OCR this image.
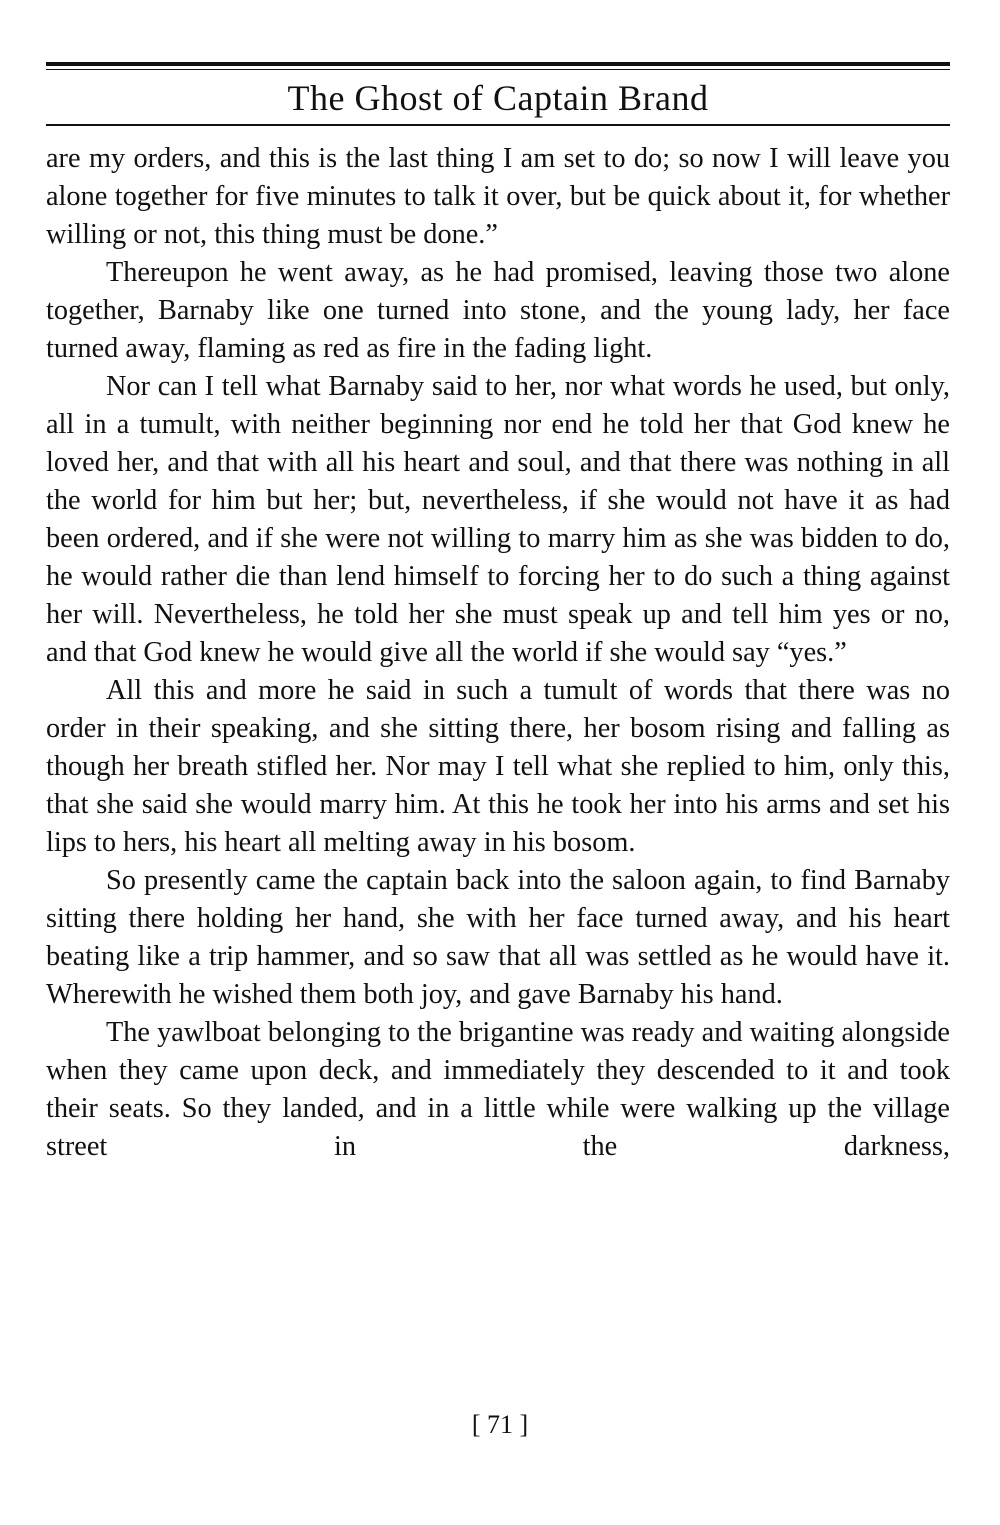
The Ghost of Captain Brand

are my orders, and this is the last thing I am set to do; so now I will leave you alone together for five minutes to talk it over, but be quick about it, for whether willing or not, this thing must be done.”

Thereupon he went away, as he had promised, leaving those two alone together, Barnaby like one turned into stone, and the young lady, her face turned away, flaming as red as fire in the fading light.

Nor can I tell what Barnaby said to her, nor what words he used, but only, all in a tumult, with neither beginning nor end he told her that God knew he loved her, and that with all his heart and soul, and that there was nothing in all the world for him but her; but, nevertheless, if she would not have it as had been ordered, and if she were not willing to marry him as she was bidden to do, he would rather die than lend himself to forcing her to do such a thing against her will. Nevertheless, he told her she must speak up and tell him yes or no, and that God knew he would give all the world if she would say “yes.”

All this and more he said in such a tumult of words that there was no order in their speaking, and she sitting there, her bosom rising and falling as though her breath stifled her. Nor may I tell what she replied to him, only this, that she said she would marry him. At this he took her into his arms and set his lips to hers, his heart all melting away in his bosom.

So presently came the captain back into the saloon again, to find Barnaby sitting there holding her hand, she with her face turned away, and his heart beating like a trip hammer, and so saw that all was settled as he would have it. Wherewith he wished them both joy, and gave Barnaby his hand.

The yawlboat belonging to the brigantine was ready and waiting alongside when they came upon deck, and immediately they descended to it and took their seats. So they landed, and in a little while were walking up the village street in the darkness,

[ 71 ]
